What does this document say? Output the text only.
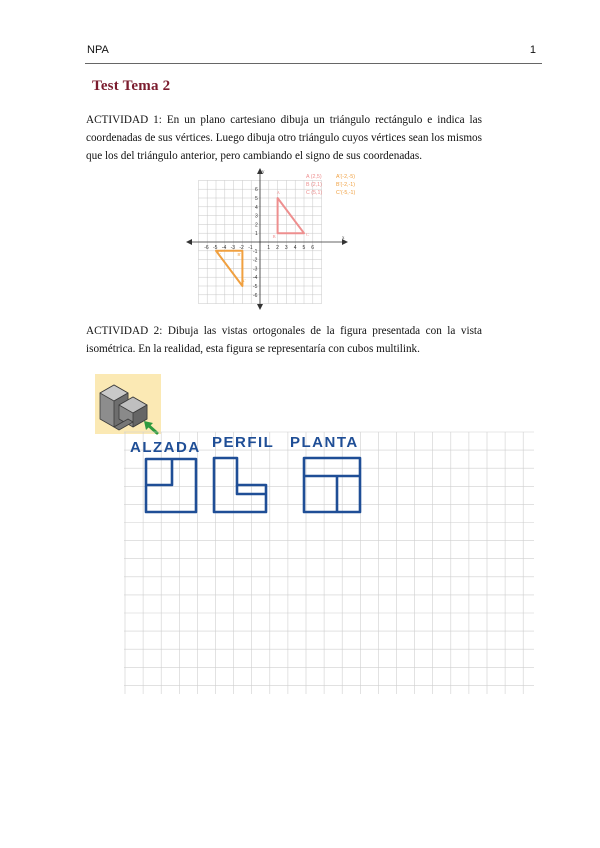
NPA	1
Test Tema 2
ACTIVIDAD 1: En un plano cartesiano dibuja un triángulo rectángulo e indica las coordenadas de sus vértices. Luego dibuja otro triángulo cuyos vértices sean los mismos que los del triángulo anterior, pero cambiando el signo de sus coordenadas.
y
x
1 2 3 4 5 6
-6 -5 -4 -3 -2 -1
6
5
4
3
2
1
-1
-2
-3
-4
-5
-6
A
B	C
A'
B'
C'
A (2,5)
B (2,1)
C (5,1)
A'(-2,-5)
B'(-2,-1)
C'(-5,-1)
ACTIVIDAD 2: Dibuja las vistas ortogonales de la figura presentada con la vista isométrica. En la realidad, esta figura se representaría con cubos multilink.
ALZADA PERFIL PLANTA
